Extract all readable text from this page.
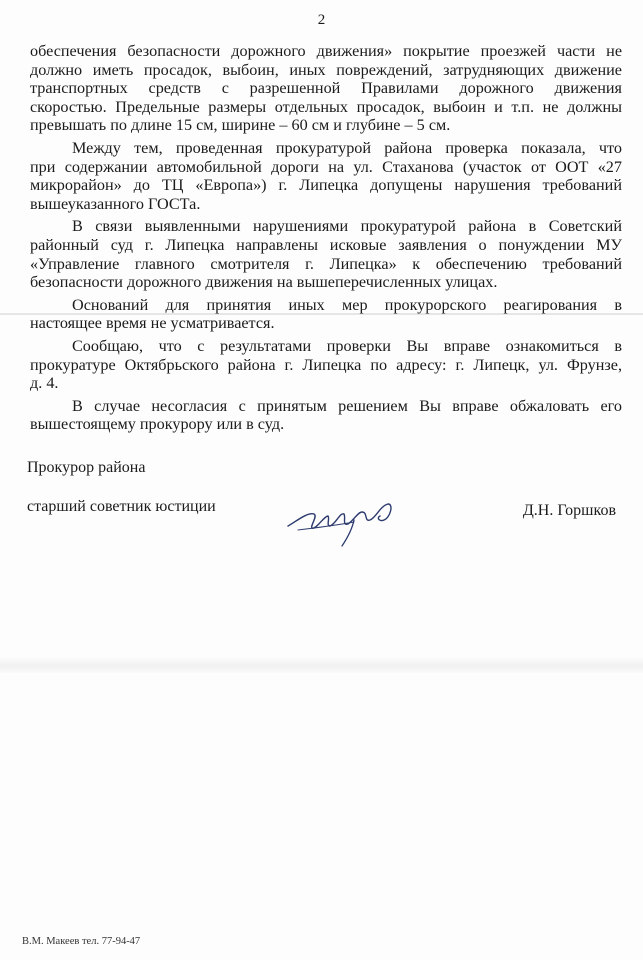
2
обеспечения безопасности дорожного движения» покрытие проезжей части не
должно иметь просадок, выбоин, иных повреждений, затрудняющих движение
транспортных средств с разрешенной Правилами дорожного движения
скоростью. Предельные размеры отдельных просадок, выбоин и т.п. не должны
превышать по длине 15 см, ширине – 60 см и глубине – 5 см.
Между тем, проведенная прокуратурой района проверка показала, что
при содержании автомобильной дороги на ул. Стаханова (участок от ООТ «27
микрорайон» до ТЦ «Европа») г. Липецка допущены нарушения требований
вышеуказанного ГОСТа.
В связи выявленными нарушениями прокуратурой района в Советский
районный суд г. Липецка направлены исковые заявления о понуждении МУ
«Управление главного смотрителя г. Липецка» к обеспечению требований
безопасности дорожного движения на вышеперечисленных улицах.
Оснований для принятия иных мер прокурорского реагирования в
настоящее время не усматривается.
Сообщаю, что с результатами проверки Вы вправе ознакомиться в
прокуратуре Октябрьского района г. Липецка по адресу: г. Липецк, ул. Фрунзе,
д. 4.
В случае несогласия с принятым решением Вы вправе обжаловать его
вышестоящему прокурору или в суд.
Прокурор района
старший советник юстиции	Д.Н. Горшков
В.М. Макеев тел. 77-94-47
